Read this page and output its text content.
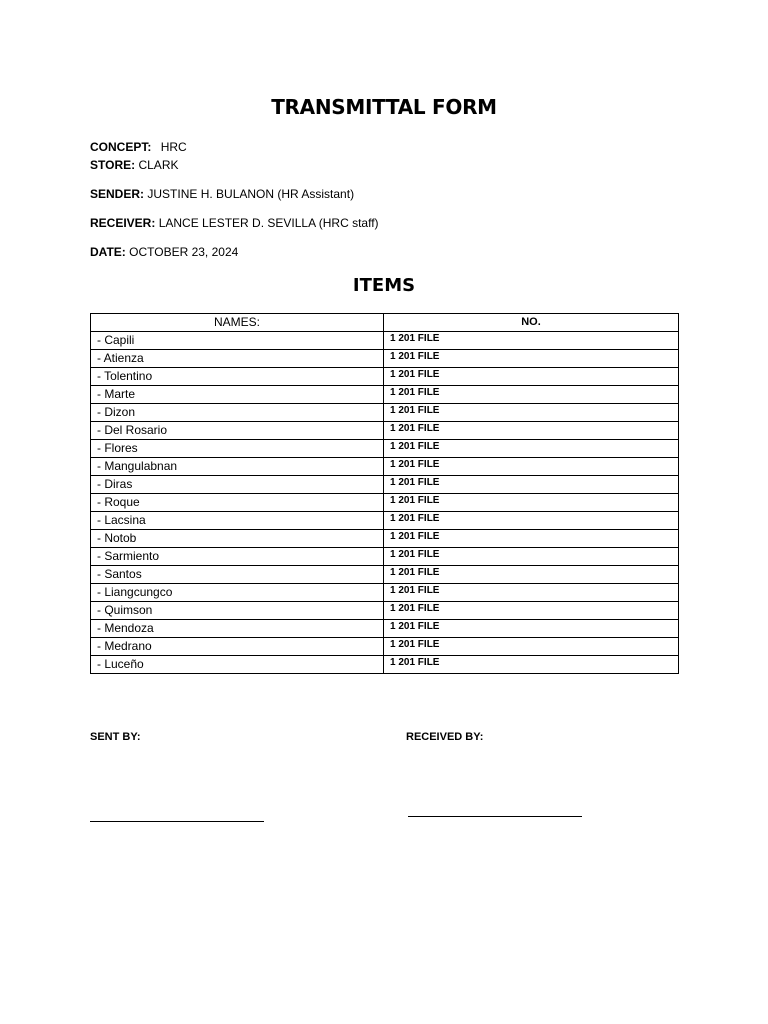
TRANSMITTAL FORM
CONCEPT: HRC
STORE: CLARK
SENDER: JUSTINE H. BULANON (HR Assistant)
RECEIVER: LANCE LESTER D. SEVILLA (HRC staff)
DATE: OCTOBER 23, 2024
ITEMS
NAMES:	NO.
- Capili	1 201 FILE
- Atienza	1 201 FILE
- Tolentino	1 201 FILE
- Marte	1 201 FILE
- Dizon	1 201 FILE
- Del Rosario	1 201 FILE
- Flores	1 201 FILE
- Mangulabnan	1 201 FILE
- Diras	1 201 FILE
- Roque	1 201 FILE
- Lacsina	1 201 FILE
- Notob	1 201 FILE
- Sarmiento	1 201 FILE
- Santos	1 201 FILE
- Liangcungco	1 201 FILE
- Quimson	1 201 FILE
- Mendoza	1 201 FILE
- Medrano	1 201 FILE
- Luceño	1 201 FILE
SENT BY:	RECEIVED BY:
